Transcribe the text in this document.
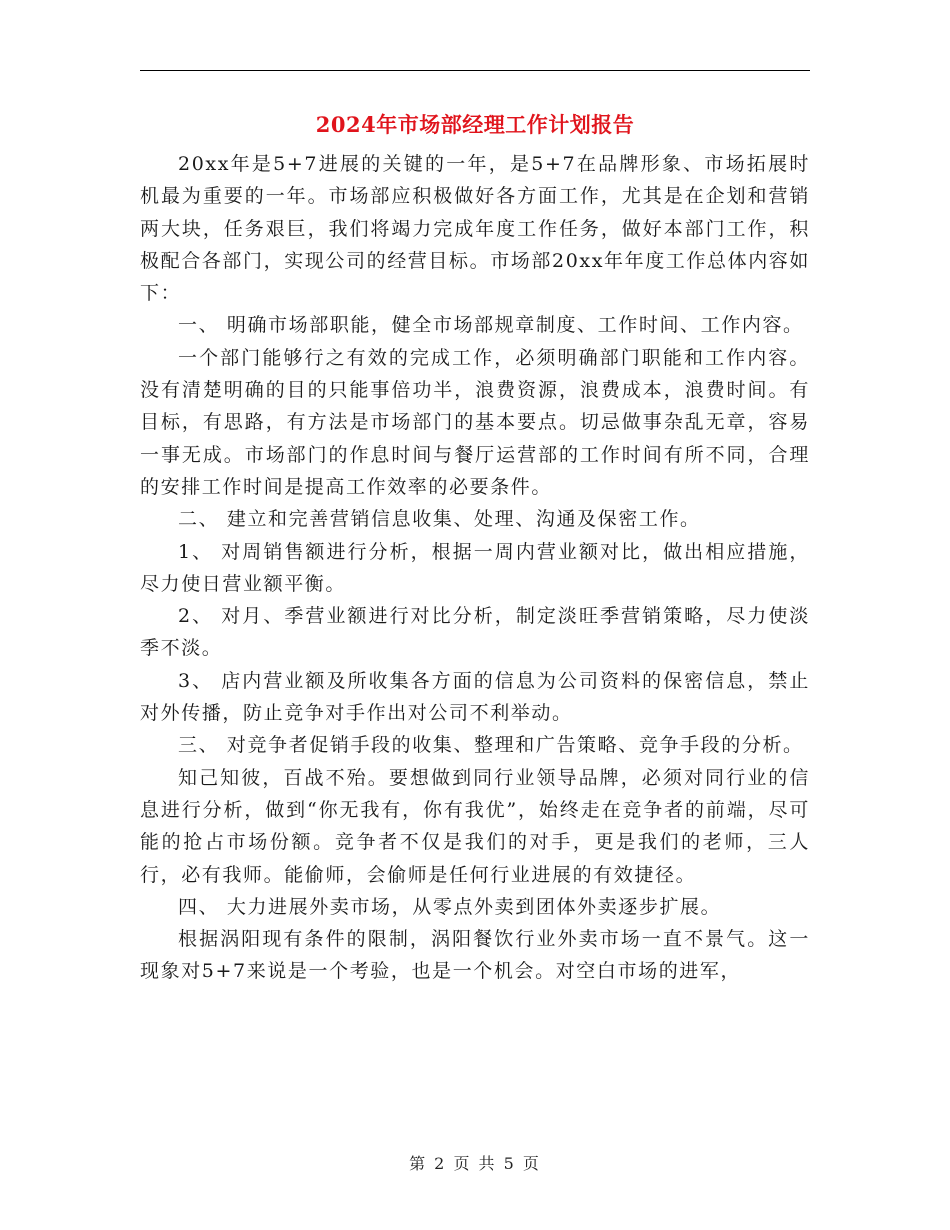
2024年市场部经理工作计划报告

20xx年是5+7进展的关键的一年，是5+7在品牌形象、市场拓展时机最为重要的一年。市场部应积极做好各方面工作，尤其是在企划和营销两大块，任务艰巨，我们将竭力完成年度工作任务，做好本部门工作，积极配合各部门，实现公司的经营目标。市场部20xx年年度工作总体内容如下：

一、 明确市场部职能，健全市场部规章制度、工作时间、工作内容。

一个部门能够行之有效的完成工作，必须明确部门职能和工作内容。没有清楚明确的目的只能事倍功半，浪费资源，浪费成本，浪费时间。有目标，有思路，有方法是市场部门的基本要点。切忌做事杂乱无章，容易一事无成。市场部门的作息时间与餐厅运营部的工作时间有所不同，合理的安排工作时间是提高工作效率的必要条件。

二、 建立和完善营销信息收集、处理、沟通及保密工作。

1、 对周销售额进行分析，根据一周内营业额对比，做出相应措施，尽力使日营业额平衡。

2、 对月、季营业额进行对比分析，制定淡旺季营销策略，尽力使淡季不淡。

3、 店内营业额及所收集各方面的信息为公司资料的保密信息，禁止对外传播，防止竞争对手作出对公司不利举动。

三、 对竞争者促销手段的收集、整理和广告策略、竞争手段的分析。

知己知彼，百战不殆。要想做到同行业领导品牌，必须对同行业的信息进行分析，做到“你无我有，你有我优”，始终走在竞争者的前端，尽可能的抢占市场份额。竞争者不仅是我们的对手，更是我们的老师，三人行，必有我师。能偷师，会偷师是任何行业进展的有效捷径。

四、 大力进展外卖市场，从零点外卖到团体外卖逐步扩展。

根据涡阳现有条件的限制，涡阳餐饮行业外卖市场一直不景气。这一现象对5+7来说是一个考验，也是一个机会。对空白市场的进军，

第 2 页 共 5 页
